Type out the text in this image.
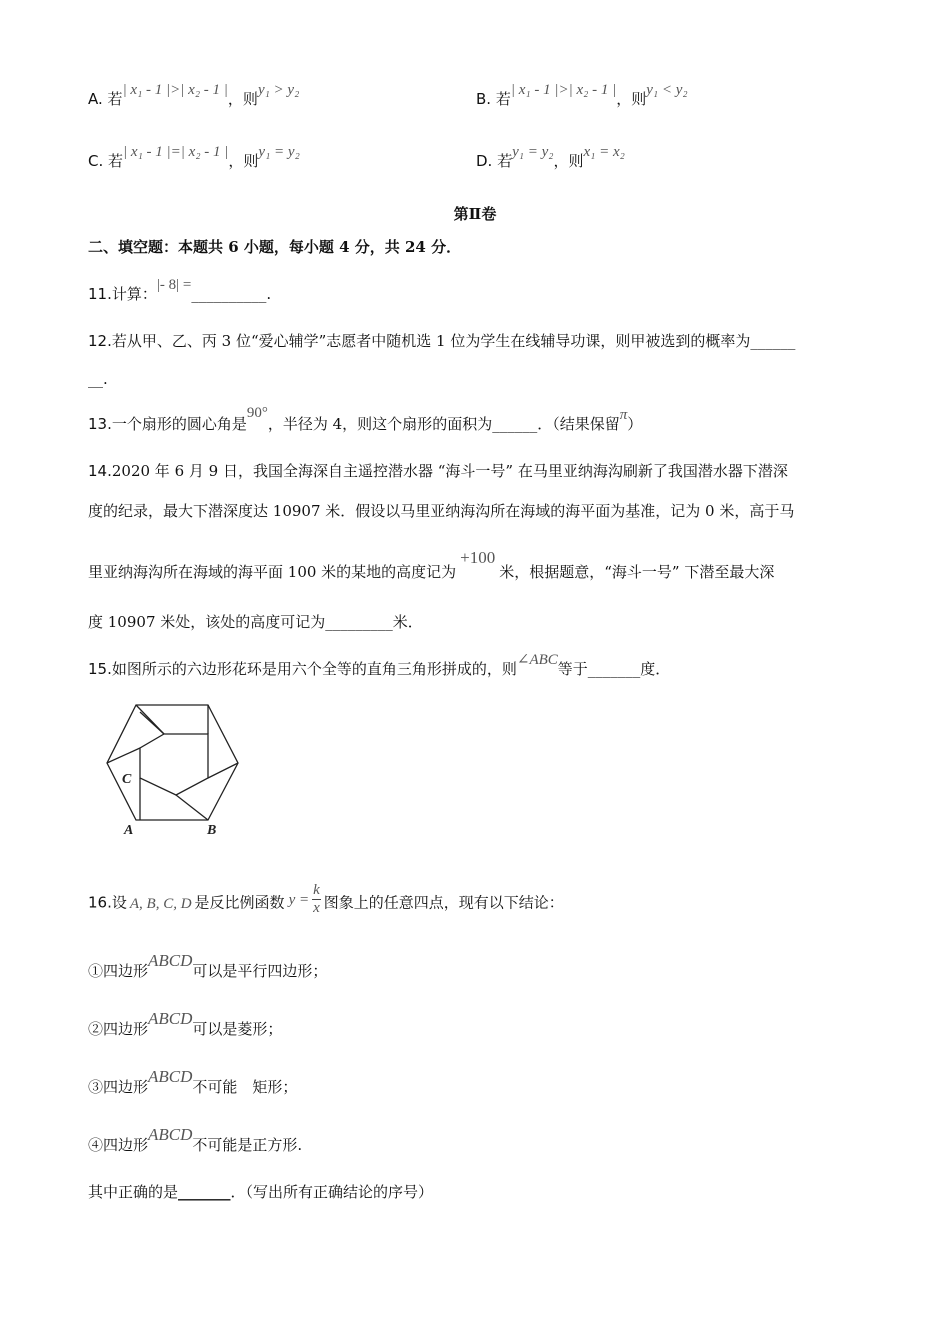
A. 若| x₁ - 1 |>| x₂ - 1 |，则y₁ > y₂	B. 若| x₁ - 1 |>| x₂ - 1 |，则y₁ < y₂
C. 若| x₁ - 1 |=| x₂ - 1 |，则y₁ = y₂	D. 若y₁ = y₂，则x₁ = x₂
第Ⅱ卷
二、填空题：本题共 6 小题，每小题 4 分，共 24 分．
11.计算：|- 8| =__________.
12.若从甲、乙、丙 3 位“爱心辅学”志愿者中随机选 1 位为学生在线辅导功课，则甲被选到的概率为______
__.
13.一个扇形的圆心角是90°，半径为 4，则这个扇形的面积为______．（结果保留π）
14.2020 年 6 月 9 日，我国全海深自主遥控潜水器 “海斗一号” 在马里亚纳海沟刷新了我国潜水器下潜深
度的纪录，最大下潜深度达 10907 米．假设以马里亚纳海沟所在海域的海平面为基准，记为 0 米，高于马
里亚纳海沟所在海域的海平面 100 米的某地的高度记为+100米，根据题意，“海斗一号” 下潜至最大深
度 10907 米处，该处的高度可记为_________米．
15.如图所示的六边形花环是用六个全等的直角三角形拼成的，则∠ABC等于_______度．
C
A	B
16.设 A, B, C, D 是反比例函数 $y = \frac{k}{x}$ 图象上的任意四点，现有以下结论：
①四边形ABCD可以是平行四边形；
②四边形ABCD可以是菱形；
③四边形ABCD不可能　矩形；
④四边形ABCD不可能是正方形.
其中正确的是_______．（写出所有正确结论的序号）
